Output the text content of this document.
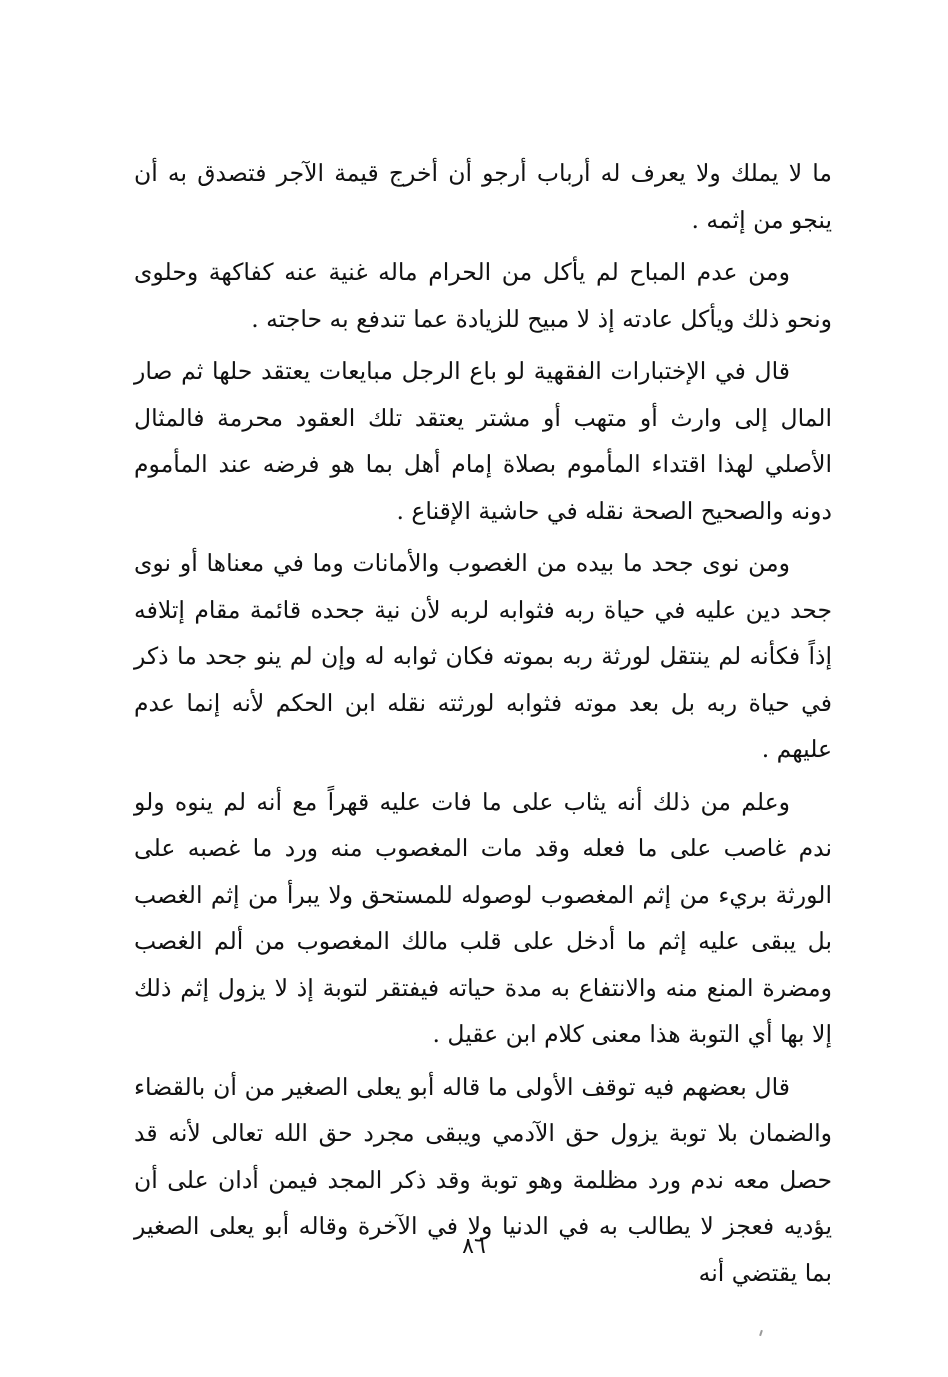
ما لا يملك ولا يعرف له أرباب أرجو أن أخرج قيمة الآجر فتصدق به أن ينجو من إثمه .

ومن عدم المباح لم يأكل من الحرام ماله غنية عنه كفاكهة وحلوى ونحو ذلك ويأكل عادته إذ لا مبيح للزيادة عما تندفع به حاجته .

قال في الإختبارات الفقهية لو باع الرجل مبايعات يعتقد حلها ثم صار المال إلى وارث أو متهب أو مشتر يعتقد تلك العقود محرمة فالمثال الأصلي لهذا اقتداء المأموم بصلاة إمام أهل بما هو فرضه عند المأموم دونه والصحيح الصحة نقله في حاشية الإقناع .

ومن نوى جحد ما بيده من الغصوب والأمانات وما في معناها أو نوى جحد دين عليه في حياة ربه فثوابه لربه لأن نية جحده قائمة مقام إتلافه إذاً فكأنه لم ينتقل لورثة ربه بموته فكان ثوابه له وإن لم ينو جحد ما ذكر في حياة ربه بل بعد موته فثوابه لورثته نقله ابن الحكم لأنه إنما عدم عليهم .

وعلم من ذلك أنه يثاب على ما فات عليه قهراً مع أنه لم ينوه ولو ندم غاصب على ما فعله وقد مات المغصوب منه ورد ما غصبه على الورثة بريء من إثم المغصوب لوصوله للمستحق ولا يبرأ من إثم الغصب بل يبقى عليه إثم ما أدخل على قلب مالك المغصوب من ألم الغصب ومضرة المنع منه والانتفاع به مدة حياته فيفتقر لتوبة إذ لا يزول إثم ذلك إلا بها أي التوبة هذا معنى كلام ابن عقيل .

قال بعضهم فيه توقف الأولى ما قاله أبو يعلى الصغير من أن بالقضاء والضمان بلا توبة يزول حق الآدمي ويبقى مجرد حق الله تعالى لأنه قد حصل معه ندم ورد مظلمة وهو توبة وقد ذكر المجد فيمن أدان على أن يؤديه فعجز لا يطالب به في الدنيا ولا في الآخرة وقاله أبو يعلى الصغير بما يقتضي أنه

٨٦
